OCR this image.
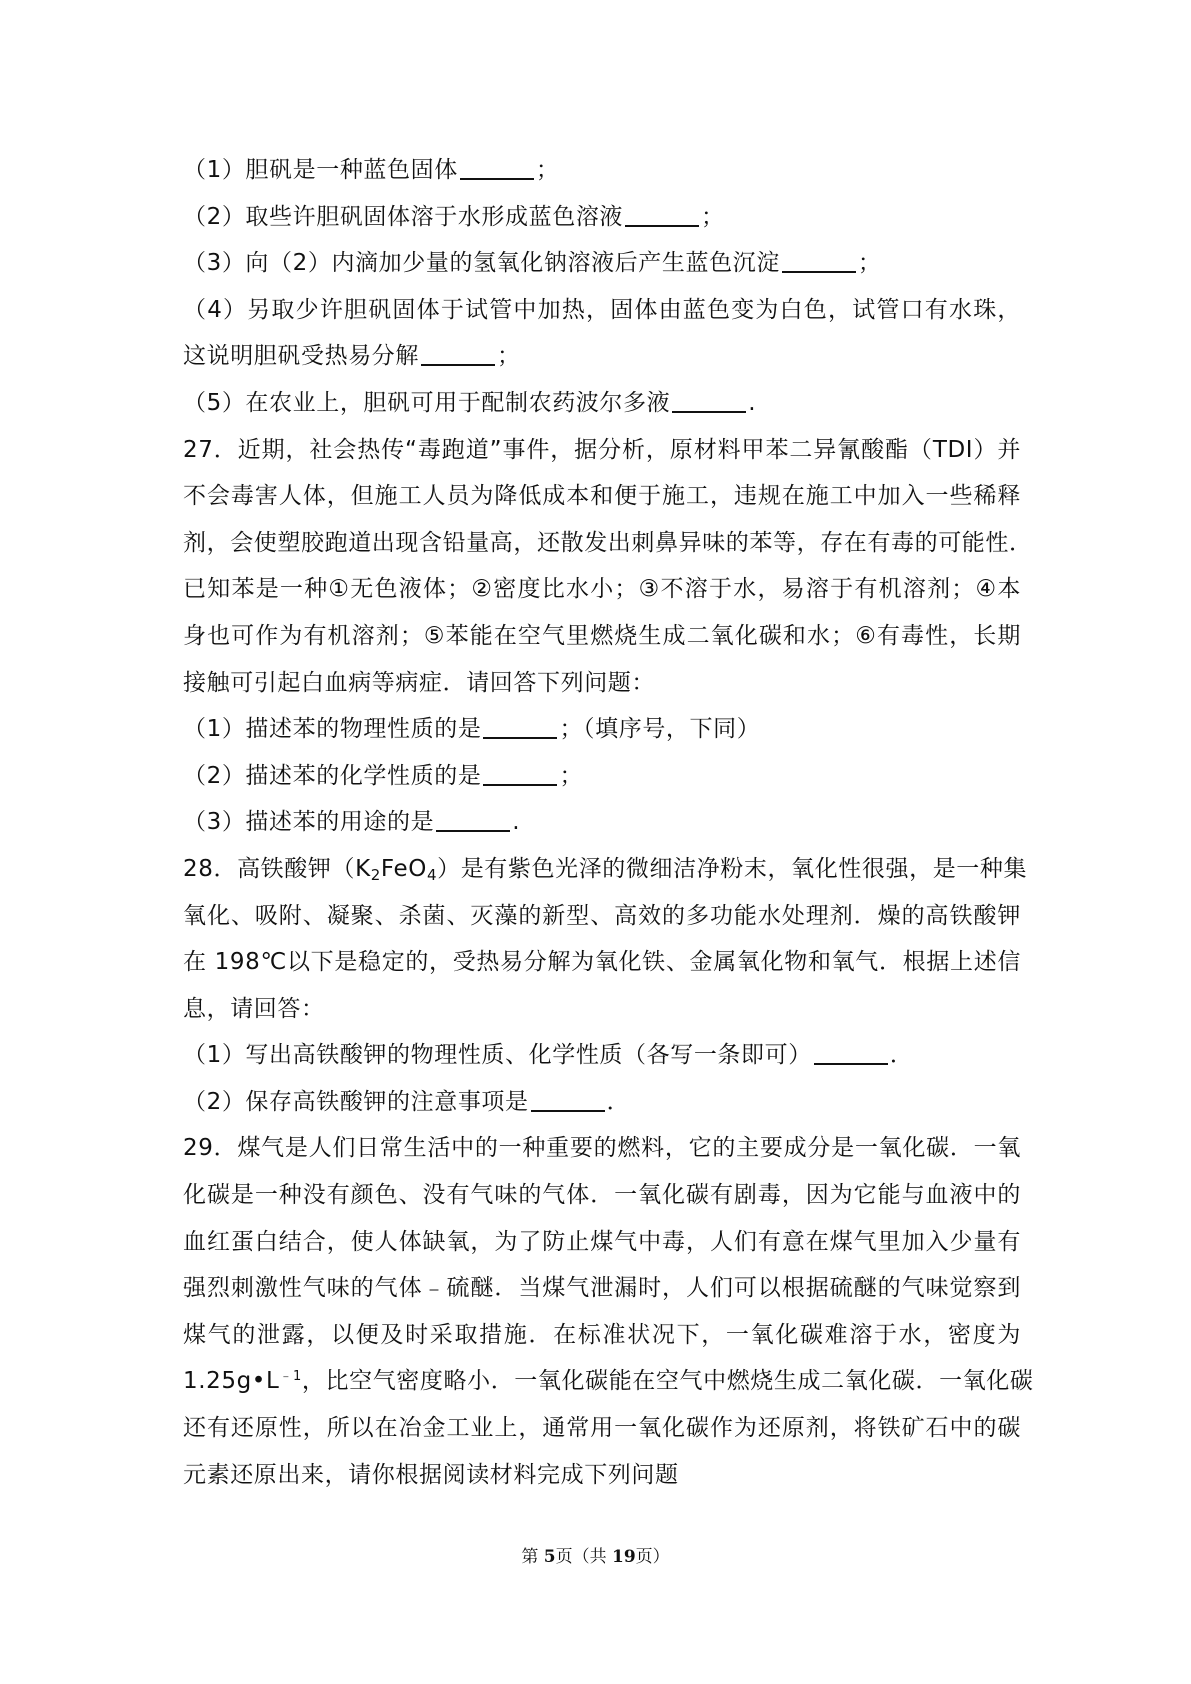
（1）胆矾是一种蓝色固体	；
（2）取些许胆矾固体溶于水形成蓝色溶液	；
（3）向（2）内滴加少量的氢氧化钠溶液后产生蓝色沉淀	；
（4）另取少许胆矾固体于试管中加热，固体由蓝色变为白色，试管口有水珠，
这说明胆矾受热易分解	；
（5）在农业上，胆矾可用于配制农药波尔多液	.
27．近期，社会热传“毒跑道”事件，据分析，原材料甲苯二异氰酸酯（TDI）并
不会毒害人体，但施工人员为降低成本和便于施工，违规在施工中加入一些稀释
剂，会使塑胶跑道出现含铅量高，还散发出刺鼻异味的苯等，存在有毒的可能性．
已知苯是一种①无色液体；②密度比水小；③不溶于水，易溶于有机溶剂；④本
身也可作为有机溶剂；⑤苯能在空气里燃烧生成二氧化碳和水；⑥有毒性，长期
接触可引起白血病等病症．请回答下列问题：
（1）描述苯的物理性质的是	；（填序号，下同）
（2）描述苯的化学性质的是	；
（3）描述苯的用途的是	.
28．高铁酸钾$(K_2FeO_4)$是有紫色光泽的微细洁净粉末，氧化性很强，是一种集
氧化、吸附、凝聚、杀菌、灭藻的新型、高效的多功能水处理剂．燥的高铁酸钾
在 198℃以下是稳定的，受热易分解为氧化铁、金属氧化物和氧气．根据上述信
息，请回答：
（1）写出高铁酸钾的物理性质、化学性质（各写一条即可）	．
（2）保存高铁酸钾的注意事项是	．
29．煤气是人们日常生活中的一种重要的燃料，它的主要成分是一氧化碳．一氧
化碳是一种没有颜色、没有气味的气体．一氧化碳有剧毒，因为它能与血液中的
血红蛋白结合，使人体缺氧，为了防止煤气中毒，人们有意在煤气里加入少量有
强烈刺激性气味的气体﹣硫醚．当煤气泄漏时，人们可以根据硫醚的气味觉察到
煤气的泄露，以便及时采取措施．在标准状况下，一氧化碳难溶于水，密度为
$1.25g•L^{﹣1}$，比空气密度略小．一氧化碳能在空气中燃烧生成二氧化碳．一氧化碳
还有还原性，所以在冶金工业上，通常用一氧化碳作为还原剂，将铁矿石中的碳
元素还原出来，请你根据阅读材料完成下列问题
第 5页（共 19页）
